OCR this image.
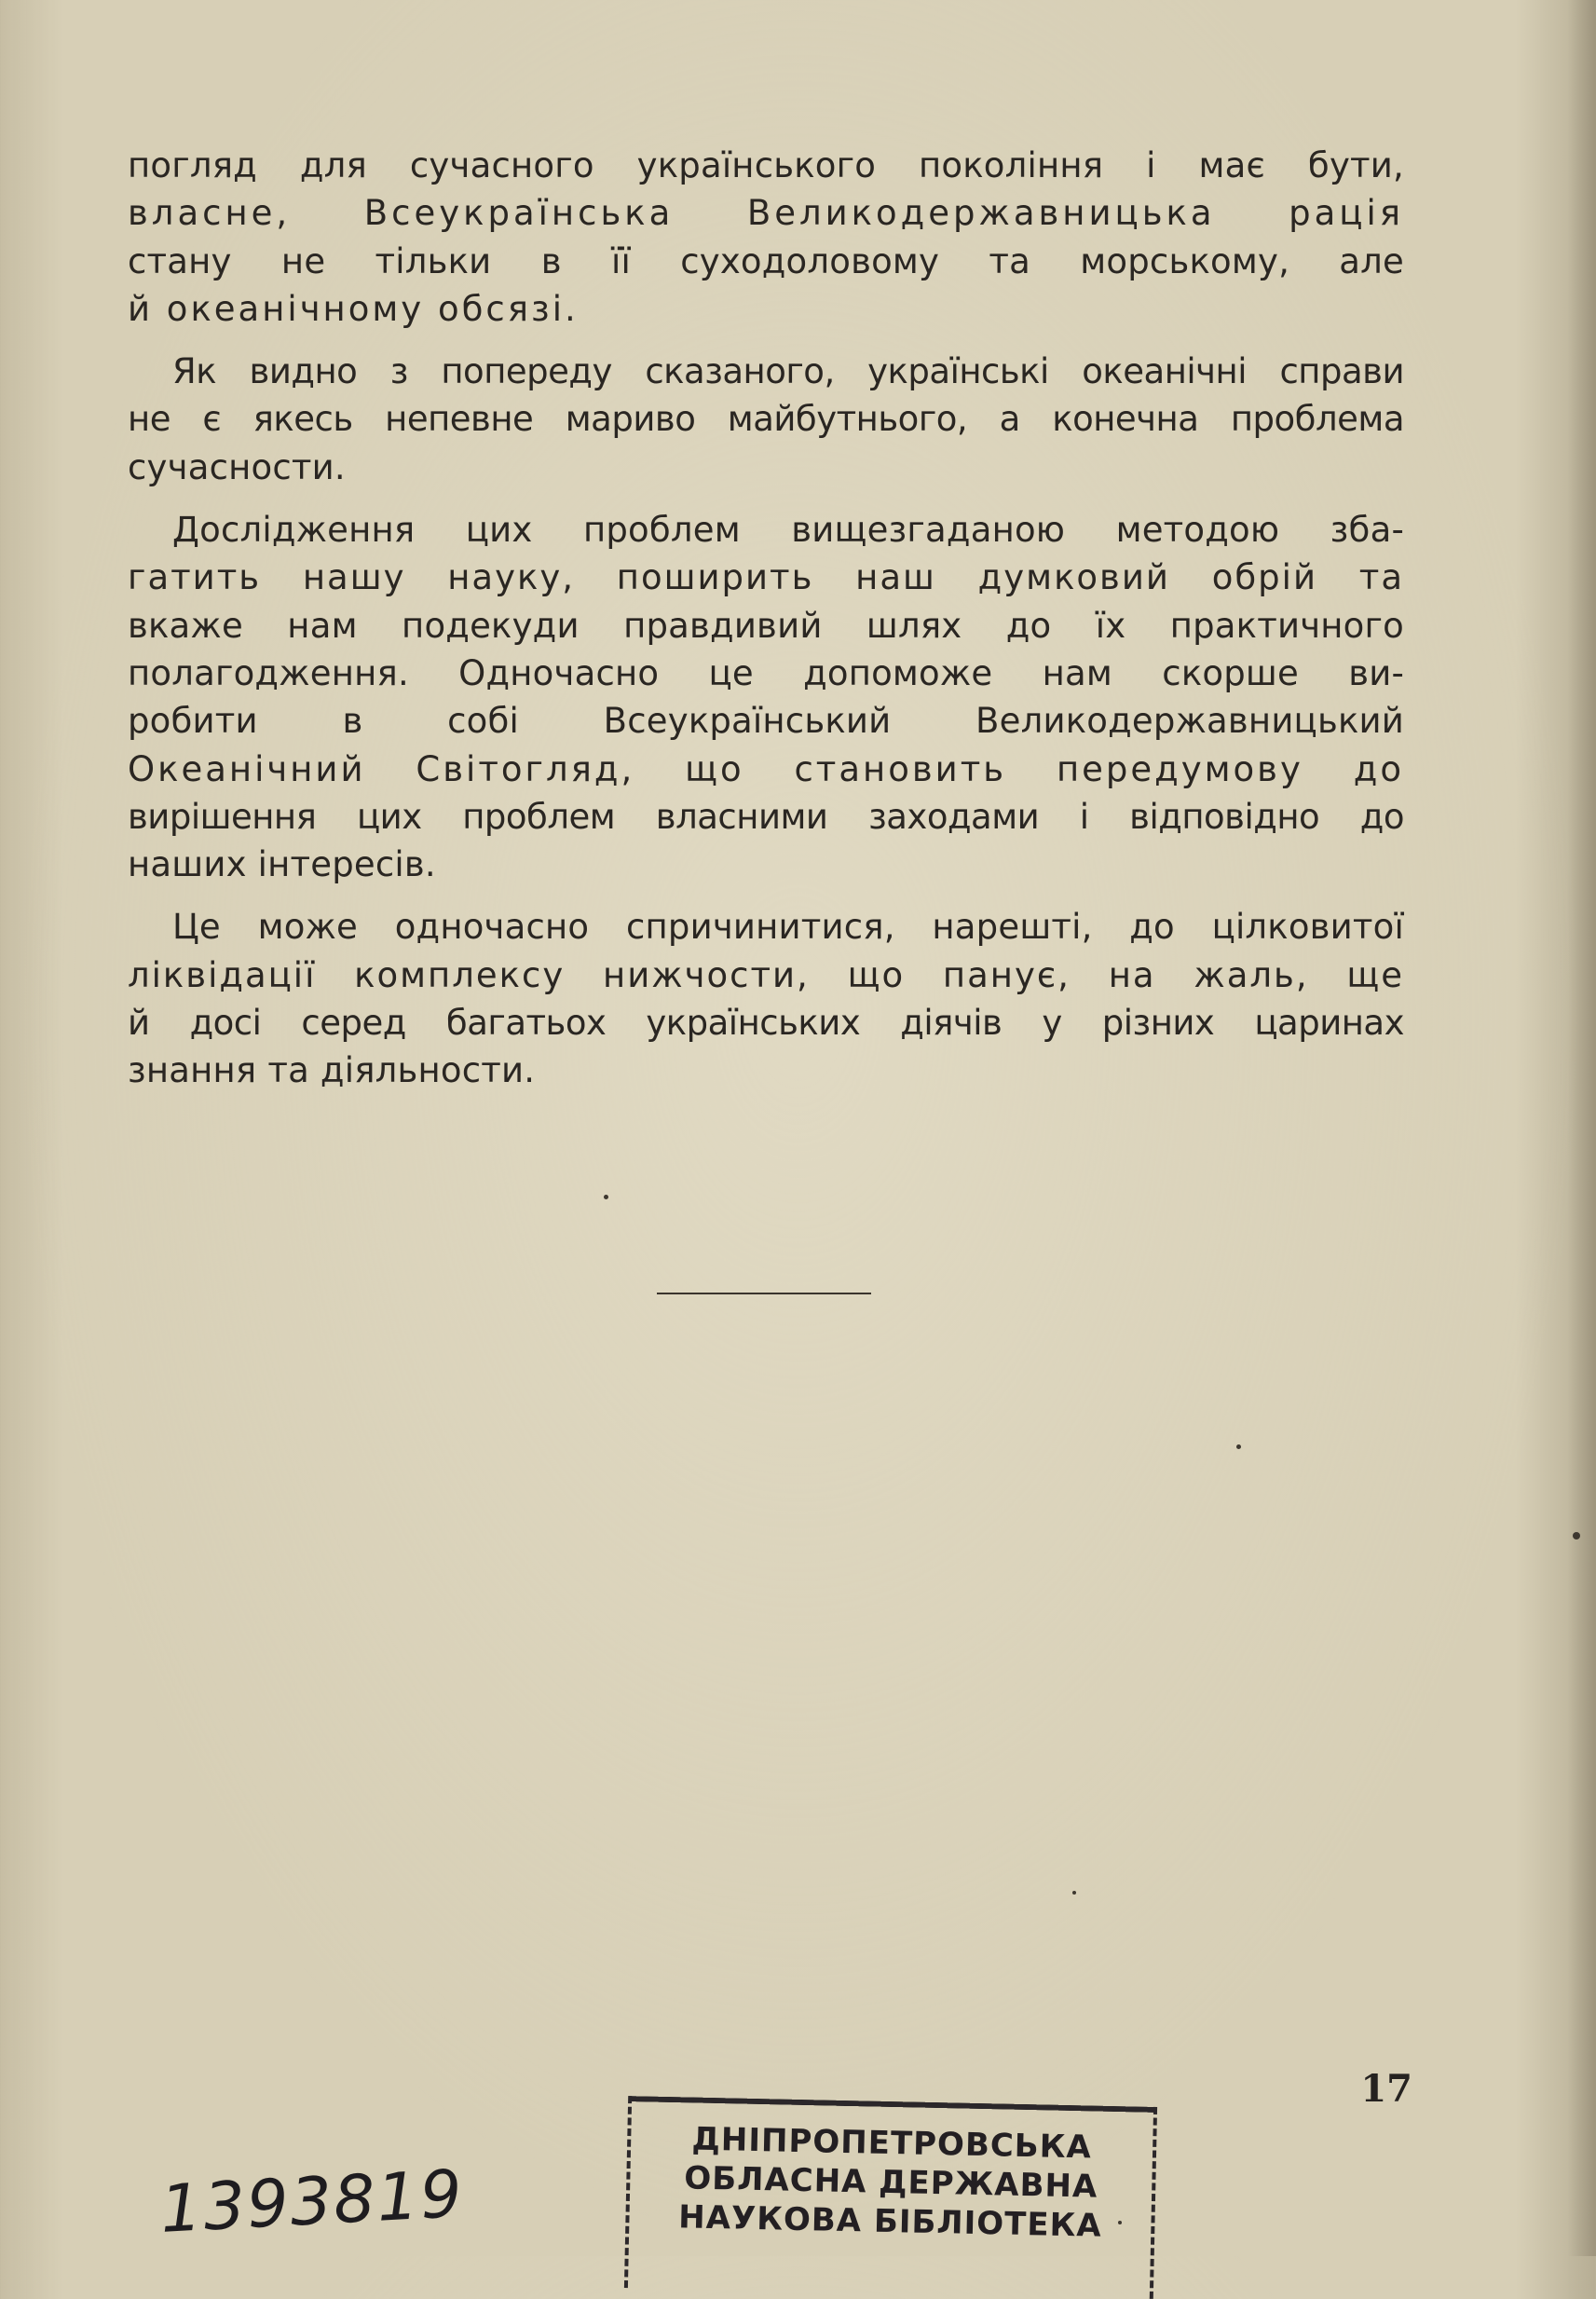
погляд для сучасного українського покоління і має бути,
власне, Всеукраїнська Великодержавницька рація
стану не тільки в її суходоловому та морському, але
й океанічному обсязі.

Як видно з попереду сказаного, українські океанічні справи
не є якесь непевне мариво майбутнього, а конечна проблема
сучасности.

Дослідження цих проблем вищезгаданою методою зба-
гатить нашу науку, поширить наш думковий обрій та
вкаже нам подекуди правдивий шлях до їх практичного
полагодження. Одночасно це допоможе нам скорше ви-
робити в собі Всеукраїнський Великодержавницький
Океанічний Світогляд, що становить передумову до
вирішення цих проблем власними заходами і відповідно до
наших інтересів.

Це може одночасно спричинитися, нарешті, до цілковитої
ліквідації комплексу нижчости, що панує, на жаль, ще
й досі серед багатьох українських діячів у різних царинах
знання та діяльности.

17
1393819
ДНІПРОПЕТРОВСЬКА
ОБЛАСНА ДЕРЖАВНА
НАУКОВА БІБЛІОТЕКА
